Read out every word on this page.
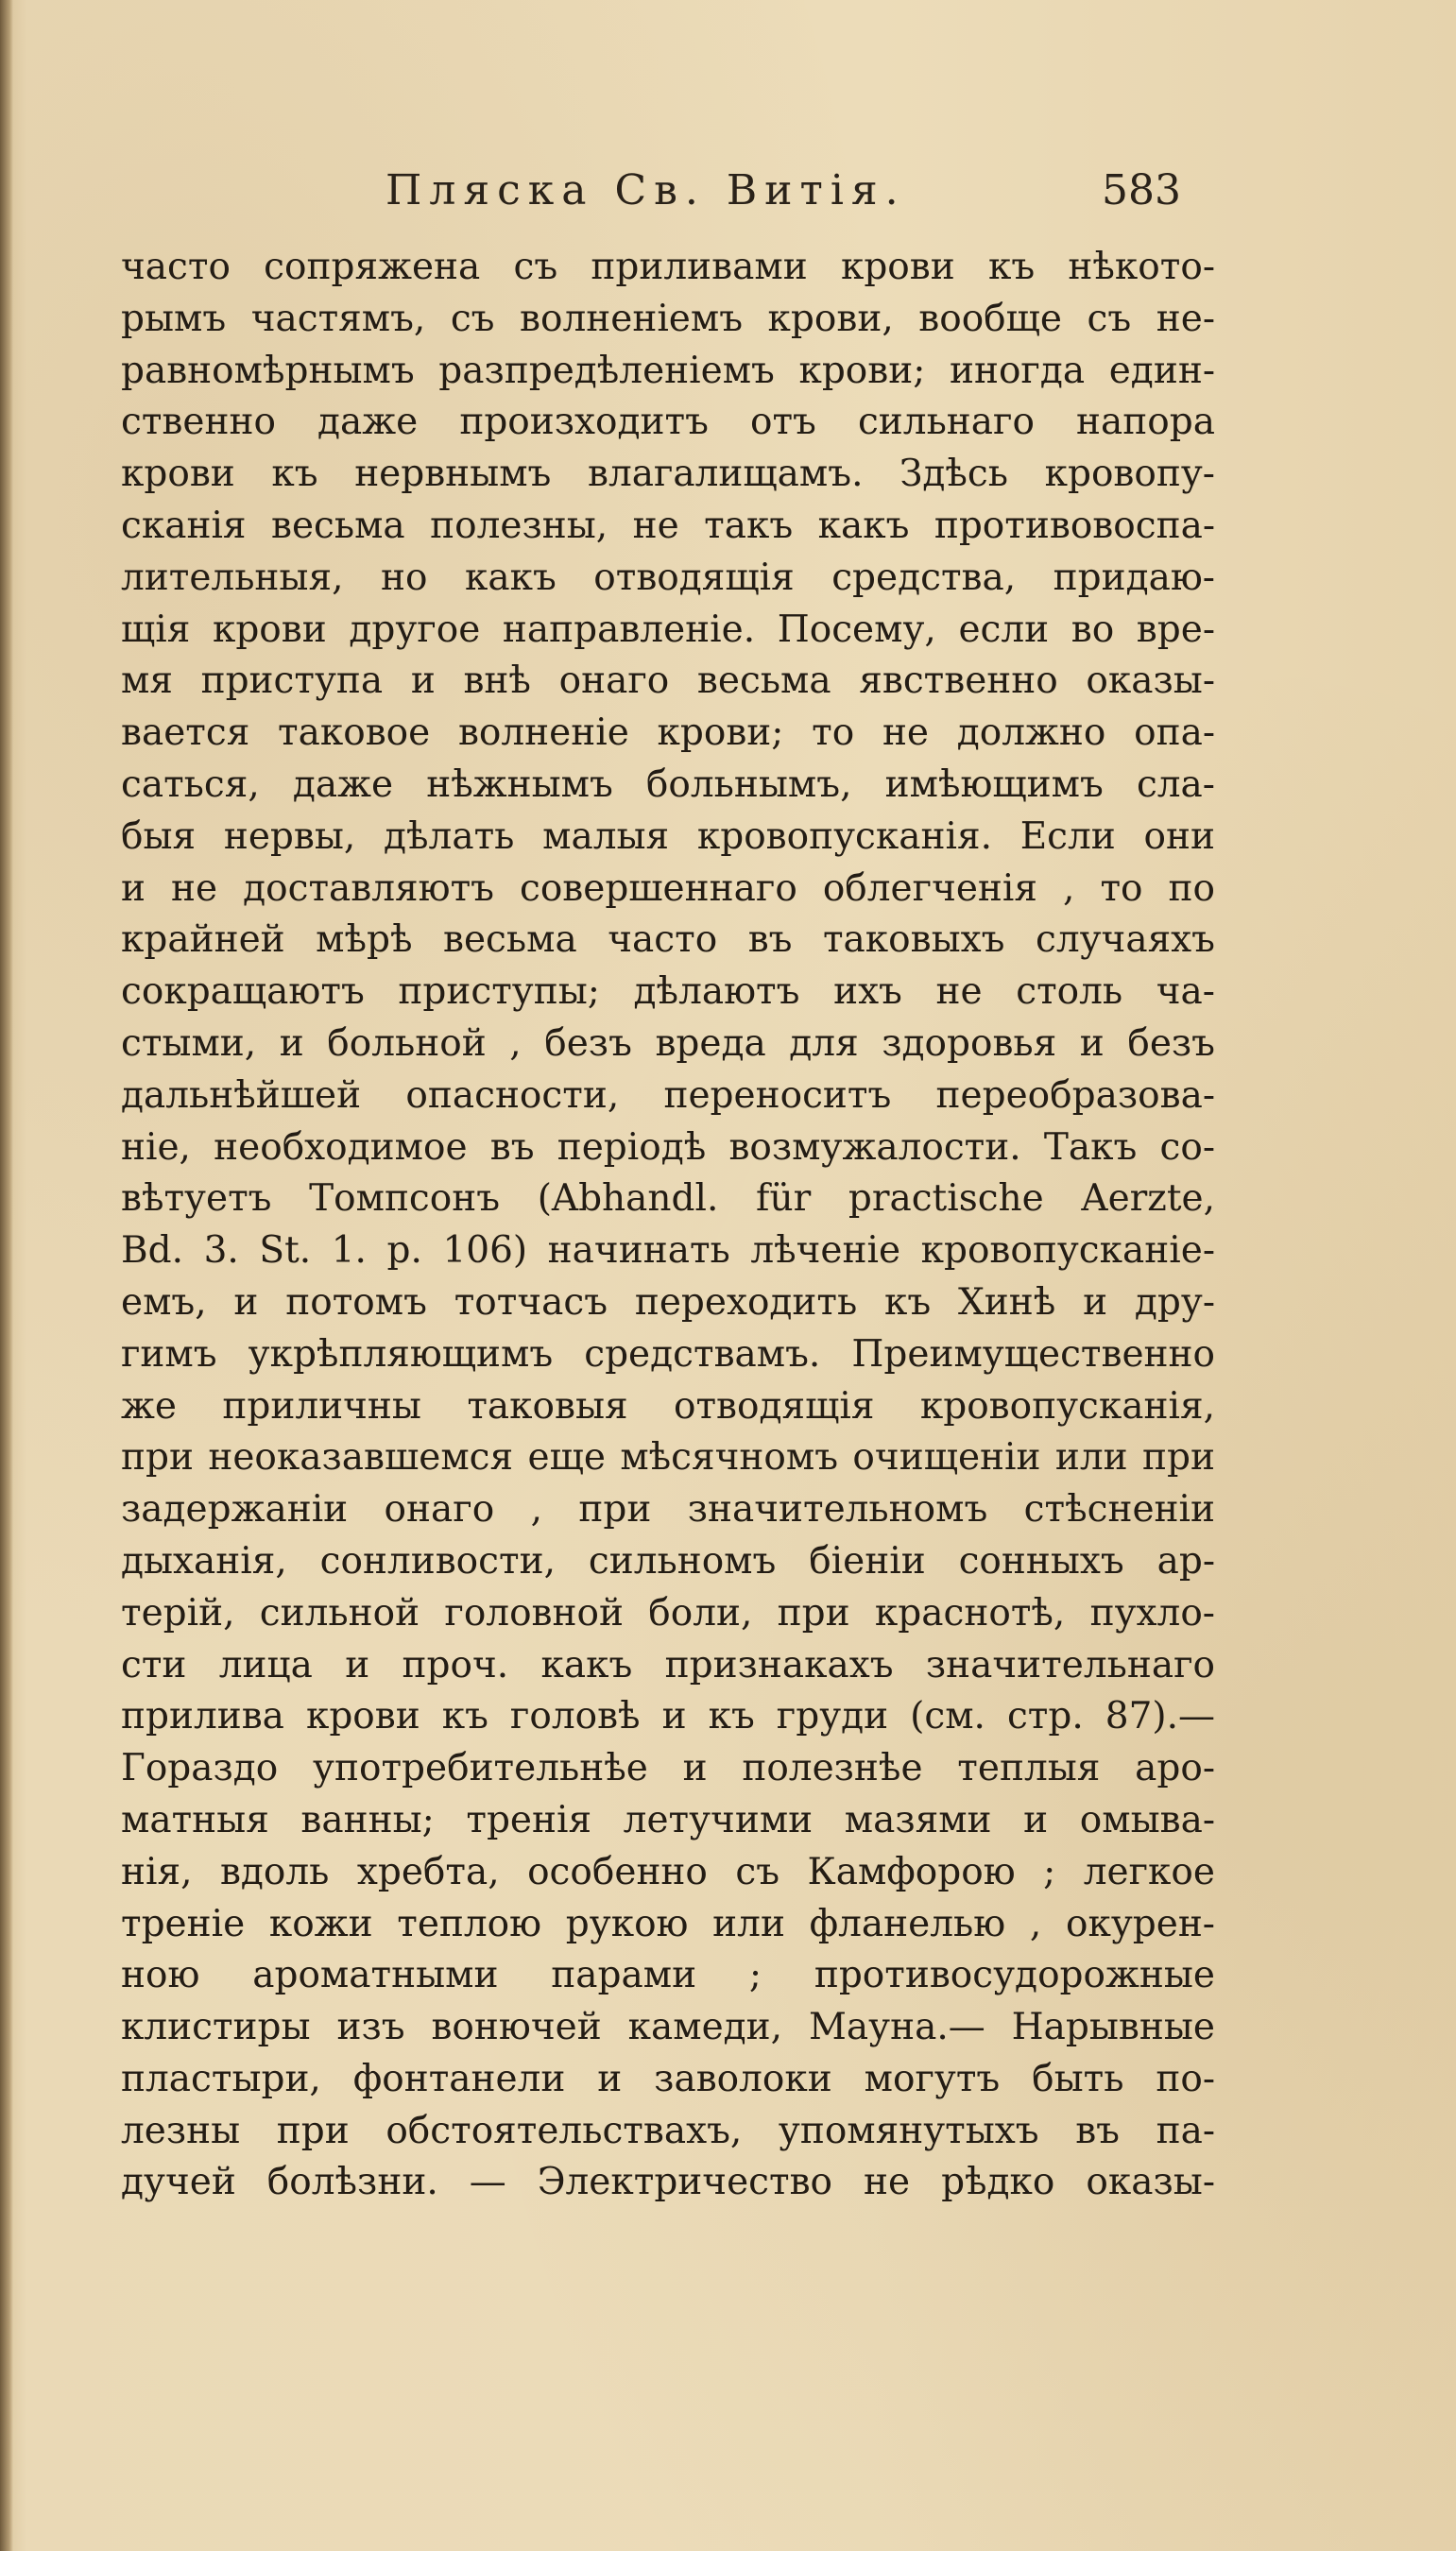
Пляска Св. Витія.	583
часто сопряжена съ приливами крови къ нѣкото-
рымъ частямъ, съ волненіемъ крови, вообще съ не-
равномѣрнымъ разпредѣленіемъ крови; иногда един-
ственно даже произходитъ отъ сильнаго напора
крови къ нервнымъ влагалищамъ. Здѣсь кровопу-
сканія весьма полезны, не такъ какъ противовоспа-
лительныя, но какъ отводящія средства, придаю-
щія крови другое направленіе. Посему, если во вре-
мя приступа и внѣ онаго весьма явственно оказы-
вается таковое волненіе крови; то не должно опа-
саться, даже нѣжнымъ больнымъ, имѣющимъ сла-
быя нервы, дѣлать малыя кровопусканія. Если они
и не доставляютъ совершеннаго облегченія , то по
крайней мѣрѣ весьма часто въ таковыхъ случаяхъ
сокращаютъ приступы; дѣлаютъ ихъ не столь ча-
стыми, и больной , безъ вреда для здоровья и безъ
дальнѣйшей опасности, переноситъ переобразова-
ніе, необходимое въ періодѣ возмужалости. Такъ со-
вѣтуетъ Томпсонъ (Abhandl. für practische Aerzte,
Bd. 3. St. 1. p. 106) начинать лѣченіе кровопусканіе-
емъ, и потомъ тотчасъ переходить къ Хинѣ и дру-
гимъ укрѣпляющимъ средствамъ. Преимущественно
же приличны таковыя отводящія кровопусканія,
при неоказавшемся еще мѣсячномъ очищеніи или при
задержаніи онаго , при значительномъ стѣсненіи
дыханія, сонливости, сильномъ біеніи сонныхъ ар-
терій, сильной головной боли, при краснотѣ, пухло-
сти лица и проч. какъ признакахъ значительнаго
прилива крови къ головѣ и къ груди (см. стр. 87).—
Гораздо употребительнѣе и полезнѣе теплыя аро-
матныя ванны; тренія летучими мазями и омыва-
нія, вдоль хребта, особенно съ Камфорою ; легкое
треніе кожи теплою рукою или фланелью , окурен-
ною ароматными парами ; противосудорожные
клистиры изъ вонючей камеди, Мауна.— Нарывные
пластыри, фонтанели и заволоки могутъ быть по-
лезны при обстоятельствахъ, упомянутыхъ въ па-
дучей болѣзни. — Электричество не рѣдко оказы-
